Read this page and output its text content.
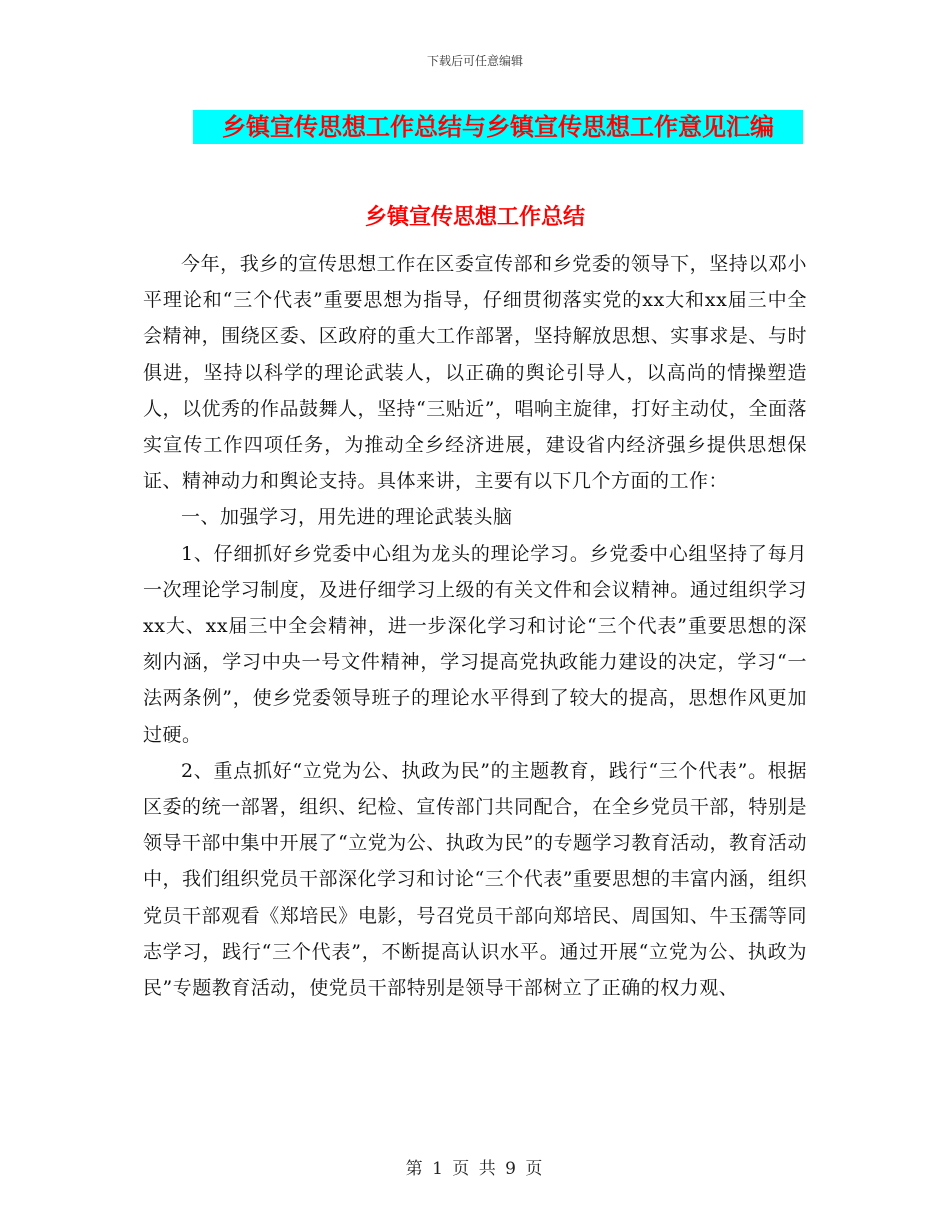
下载后可任意编辑
乡镇宣传思想工作总结与乡镇宣传思想工作意见汇编
乡镇宣传思想工作总结

今年，我乡的宣传思想工作在区委宣传部和乡党委的领导下，坚持以邓小平理论和“三个代表”重要思想为指导，仔细贯彻落实党的xx大和xx届三中全会精神，围绕区委、区政府的重大工作部署，坚持解放思想、实事求是、与时俱进，坚持以科学的理论武装人，以正确的舆论引导人，以高尚的情操塑造人，以优秀的作品鼓舞人，坚持“三贴近”，唱响主旋律，打好主动仗，全面落实宣传工作四项任务，为推动全乡经济进展，建设省内经济强乡提供思想保证、精神动力和舆论支持。具体来讲，主要有以下几个方面的工作：

一、加强学习，用先进的理论武装头脑

1、仔细抓好乡党委中心组为龙头的理论学习。乡党委中心组坚持了每月一次理论学习制度，及进仔细学习上级的有关文件和会议精神。通过组织学习xx大、xx届三中全会精神，进一步深化学习和讨论“三个代表”重要思想的深刻内涵，学习中央一号文件精神，学习提高党执政能力建设的决定，学习“一法两条例”，使乡党委领导班子的理论水平得到了较大的提高，思想作风更加过硬。

2、重点抓好“立党为公、执政为民”的主题教育，践行“三个代表”。根据区委的统一部署，组织、纪检、宣传部门共同配合，在全乡党员干部，特别是领导干部中集中开展了“立党为公、执政为民”的专题学习教育活动，教育活动中，我们组织党员干部深化学习和讨论“三个代表”重要思想的丰富内涵，组织党员干部观看《郑培民》电影，号召党员干部向郑培民、周国知、牛玉孺等同志学习，践行“三个代表”，不断提高认识水平。通过开展“立党为公、执政为民”专题教育活动，使党员干部特别是领导干部树立了正确的权力观、

第 1 页 共 9 页
